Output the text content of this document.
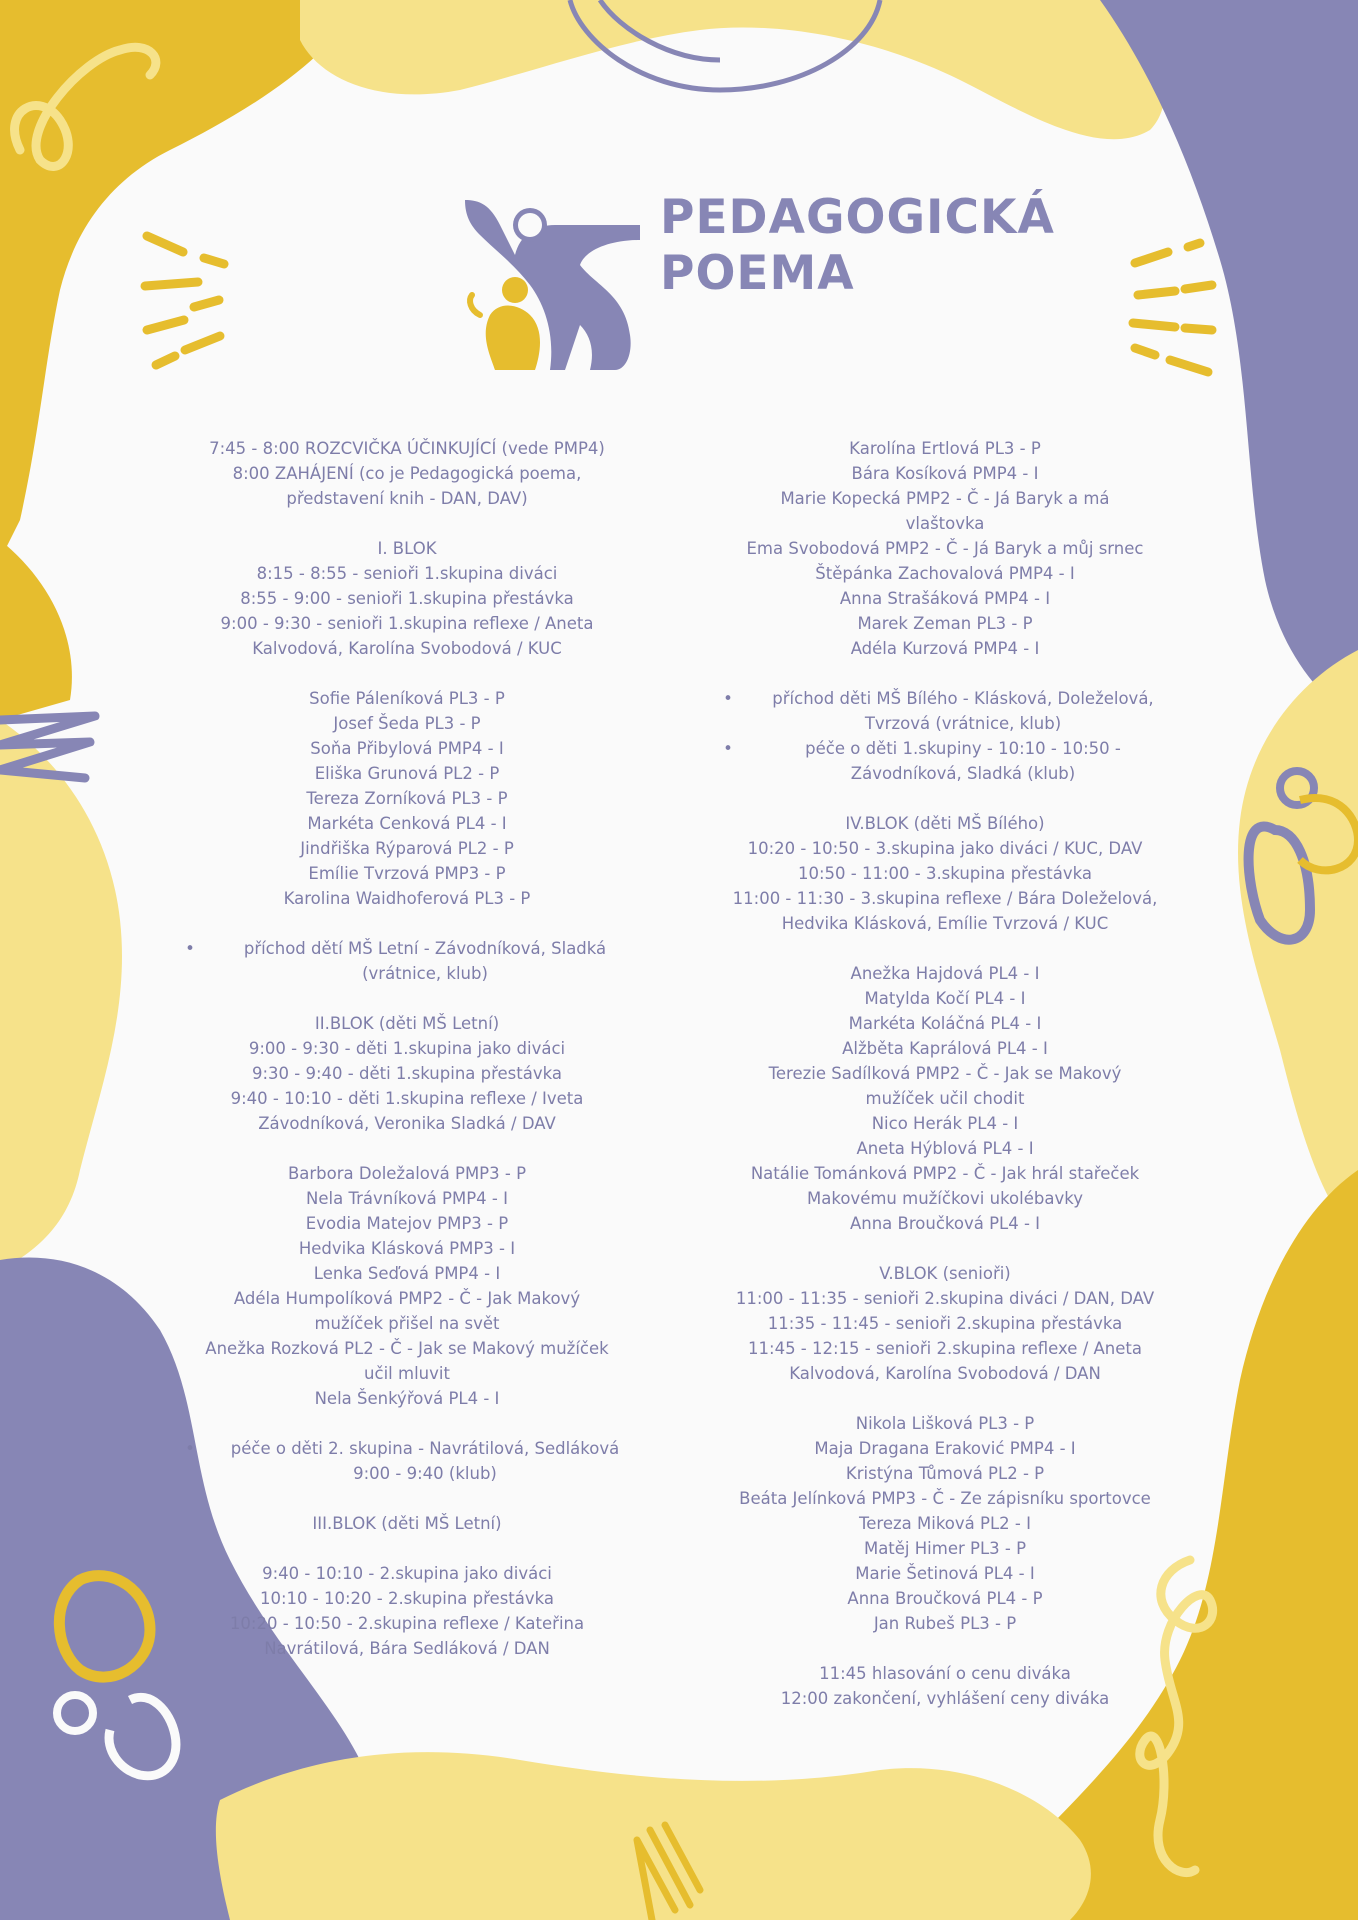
PEDAGOGICKÁ
POEMA
7:45 - 8:00 ROZCVIČKA ÚČINKUJÍCÍ (vede PMP4)
8:00 ZAHÁJENÍ (co je Pedagogická poema,
představení knih - DAN, DAV)
I. BLOK
8:15 - 8:55 - senioři 1.skupina diváci
8:55 - 9:00 - senioři 1.skupina přestávka
9:00 - 9:30 - senioři 1.skupina reflexe / Aneta
Kalvodová, Karolína Svobodová / KUC
Sofie Páleníková PL3 - P
Josef Šeda PL3 - P
Soňa Přibylová PMP4 - I
Eliška Grunová PL2 - P
Tereza Zorníková PL3 - P
Markéta Cenková PL4 - I
Jindřiška Rýparová PL2 - P
Emílie Tvrzová PMP3 - P
Karolina Waidhoferová PL3 - P
•	příchod dětí MŠ Letní - Závodníková, Sladká
(vrátnice, klub)
II.BLOK (děti MŠ Letní)
9:00 - 9:30 - děti 1.skupina jako diváci
9:30 - 9:40 - děti 1.skupina přestávka
9:40 - 10:10 - děti 1.skupina reflexe / Iveta
Závodníková, Veronika Sladká / DAV
Barbora Doležalová PMP3 - P
Nela Trávníková PMP4 - I
Evodia Matejov PMP3 - P
Hedvika Klásková PMP3 - I
Lenka Seďová PMP4 - I
Adéla Humpolíková PMP2 - Č - Jak Makový
mužíček přišel na svět
Anežka Rozková PL2 - Č - Jak se Makový mužíček
učil mluvit
Nela Šenkýřová PL4 - I
•	péče o děti 2. skupina - Navrátilová, Sedláková
9:00 - 9:40 (klub)
III.BLOK (děti MŠ Letní)
9:40 - 10:10 - 2.skupina jako diváci
10:10 - 10:20 - 2.skupina přestávka
10:20 - 10:50 - 2.skupina reflexe / Kateřina
Navrátilová, Bára Sedláková / DAN
Karolína Ertlová PL3 - P
Bára Kosíková PMP4 - I
Marie Kopecká PMP2 - Č - Já Baryk a má
vlaštovka
Ema Svobodová PMP2 - Č - Já Baryk a můj srnec
Štěpánka Zachovalová PMP4 - I
Anna Strašáková PMP4 - I
Marek Zeman PL3 - P
Adéla Kurzová PMP4 - I
•	příchod děti MŠ Bílého - Klásková, Doleželová,
Tvrzová (vrátnice, klub)
•	péče o děti 1.skupiny - 10:10 - 10:50 -
Závodníková, Sladká (klub)
IV.BLOK (děti MŠ Bílého)
10:20 - 10:50 - 3.skupina jako diváci / KUC, DAV
10:50 - 11:00 - 3.skupina přestávka
11:00 - 11:30 - 3.skupina reflexe / Bára Doleželová,
Hedvika Klásková, Emílie Tvrzová / KUC
Anežka Hajdová PL4 - I
Matylda Kočí PL4 - I
Markéta Koláčná PL4 - I
Alžběta Kaprálová PL4 - I
Terezie Sadílková PMP2 - Č - Jak se Makový
mužíček učil chodit
Nico Herák PL4 - I
Aneta Hýblová PL4 - I
Natálie Tománková PMP2 - Č - Jak hrál stařeček
Makovému mužíčkovi ukolébavky
Anna Broučková PL4 - I
V.BLOK (senioři)
11:00 - 11:35 - senioři 2.skupina diváci / DAN, DAV
11:35 - 11:45 - senioři 2.skupina přestávka
11:45 - 12:15 - senioři 2.skupina reflexe / Aneta
Kalvodová, Karolína Svobodová / DAN
Nikola Lišková PL3 - P
Maja Dragana Eraković PMP4 - I
Kristýna Tůmová PL2 - P
Beáta Jelínková PMP3 - Č - Ze zápisníku sportovce
Tereza Miková PL2 - I
Matěj Himer PL3 - P
Marie Šetinová PL4 - I
Anna Broučková PL4 - P
Jan Rubeš PL3 - P
11:45 hlasování o cenu diváka
12:00 zakončení, vyhlášení ceny diváka
